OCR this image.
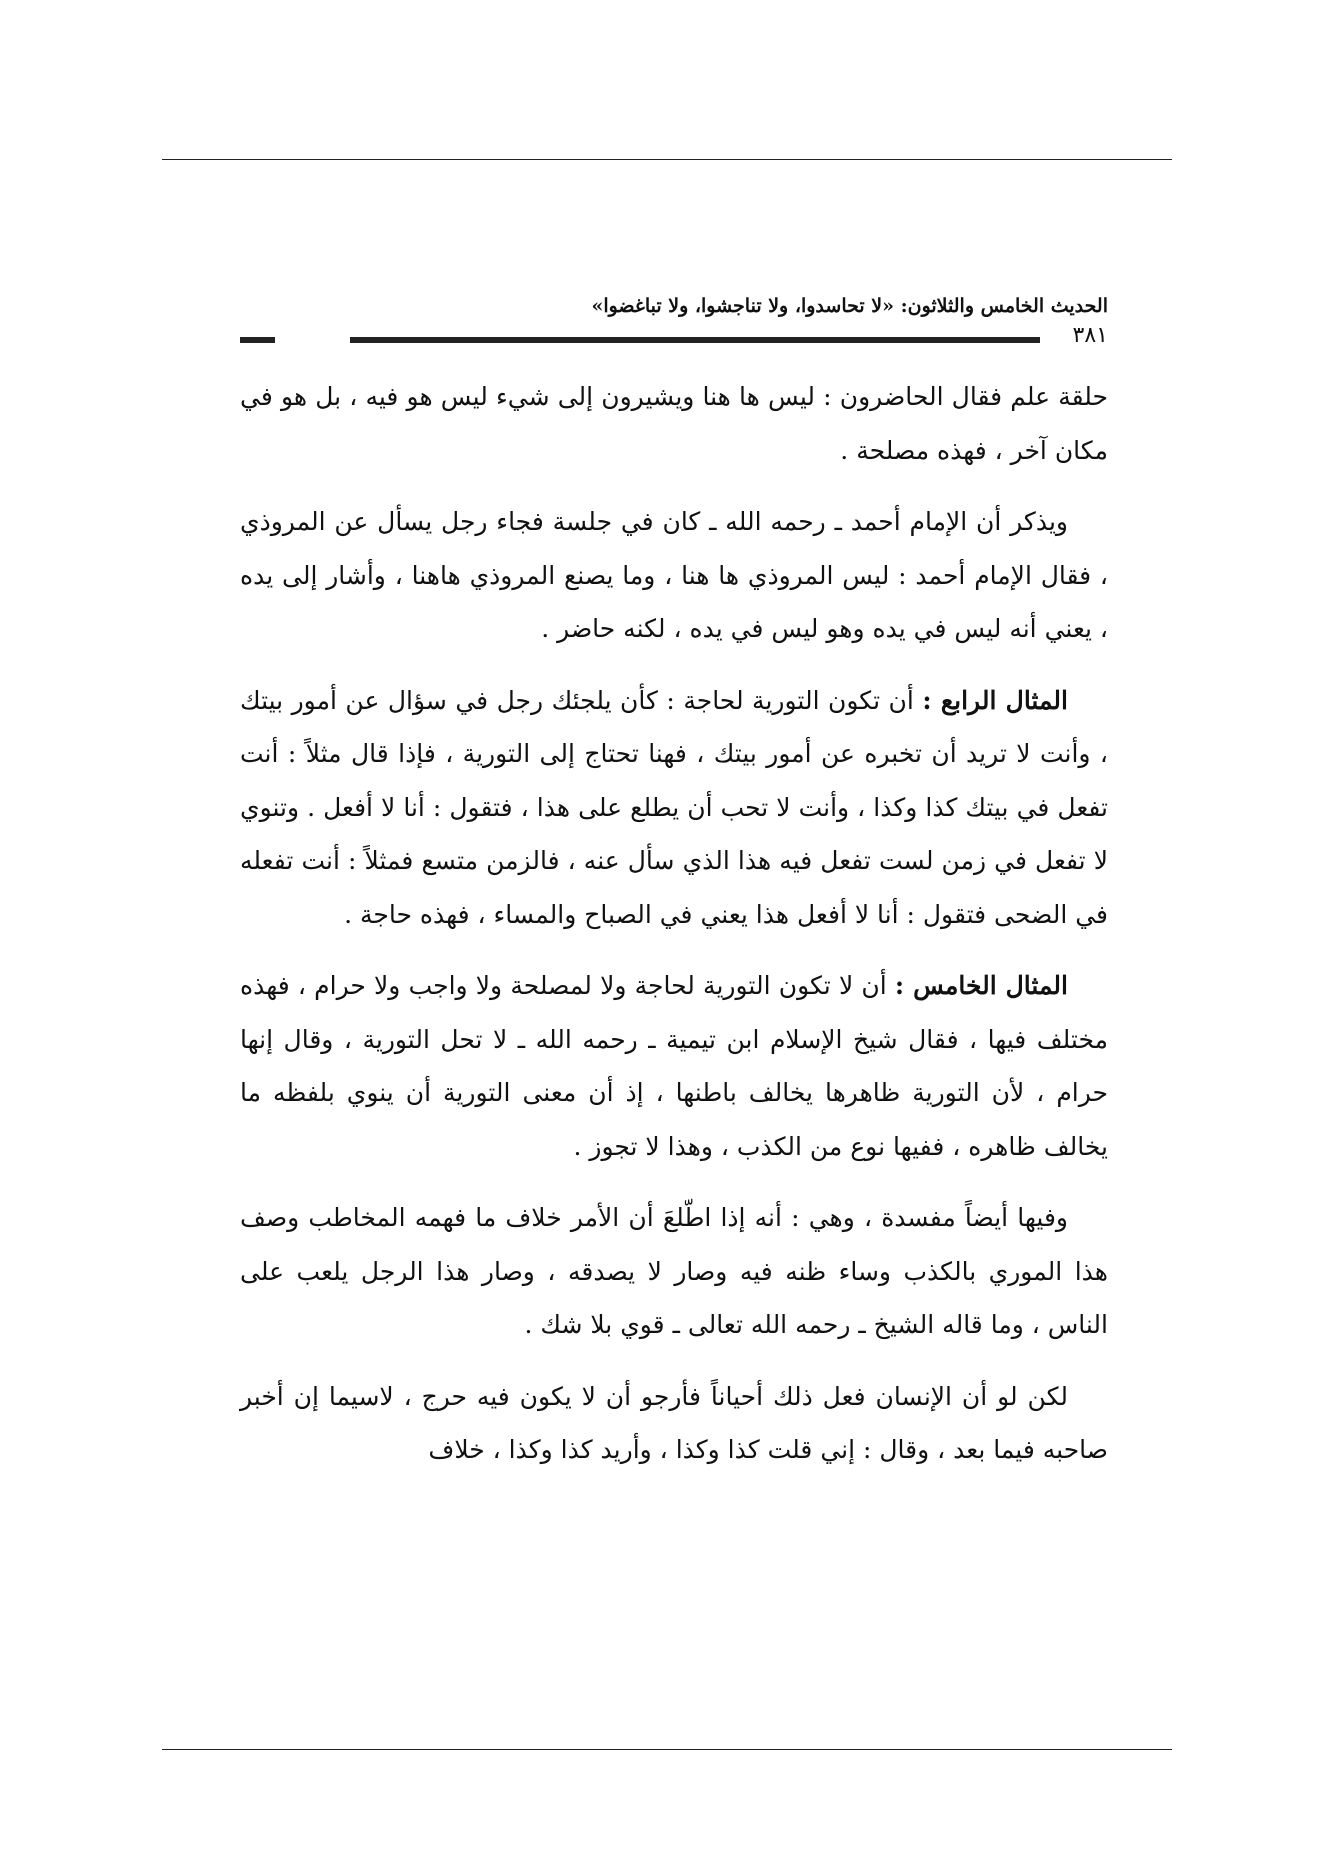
الحديث الخامس والثلاثون: «لا تحاسدوا، ولا تناجشوا، ولا تباغضوا»
٣٨١

حلقة علم فقال الحاضرون : ليس ها هنا ويشيرون إلى شيء ليس هو فيه ، بل هو في مكان آخر ، فهذه مصلحة .

ويذكر أن الإمام أحمد ـ رحمه الله ـ كان في جلسة فجاء رجل يسأل عن المروذي ، فقال الإمام أحمد : ليس المروذي ها هنا ، وما يصنع المروذي هاهنا ، وأشار إلى يده ، يعني أنه ليس في يده وهو ليس في يده ، لكنه حاضر .

المثال الرابع : أن تكون التورية لحاجة : كأن يلجئك رجل في سؤال عن أمور بيتك ، وأنت لا تريد أن تخبره عن أمور بيتك ، فهنا تحتاج إلى التورية ، فإذا قال مثلاً : أنت تفعل في بيتك كذا وكذا ، وأنت لا تحب أن يطلع على هذا ، فتقول : أنا لا أفعل . وتنوي لا تفعل في زمن لست تفعل فيه هذا الذي سأل عنه ، فالزمن متسع فمثلاً : أنت تفعله في الضحى فتقول : أنا لا أفعل هذا يعني في الصباح والمساء ، فهذه حاجة .

المثال الخامس : أن لا تكون التورية لحاجة ولا لمصلحة ولا واجب ولا حرام ، فهذه مختلف فيها ، فقال شيخ الإسلام ابن تيمية ـ رحمه الله ـ لا تحل التورية ، وقال إنها حرام ، لأن التورية ظاهرها يخالف باطنها ، إذ أن معنى التورية أن ينوي بلفظه ما يخالف ظاهره ، ففيها نوع من الكذب ، وهذا لا تجوز .

وفيها أيضاً مفسدة ، وهي : أنه إذا اطّلعَ أن الأمر خلاف ما فهمه المخاطب وصف هذا الموري بالكذب وساء ظنه فيه وصار لا يصدقه ، وصار هذا الرجل يلعب على الناس ، وما قاله الشيخ ـ رحمه الله تعالى ـ قوي بلا شك .

لكن لو أن الإنسان فعل ذلك أحياناً فأرجو أن لا يكون فيه حرج ، لاسيما إن أخبر صاحبه فيما بعد ، وقال : إني قلت كذا وكذا ، وأريد كذا وكذا ، خلاف
